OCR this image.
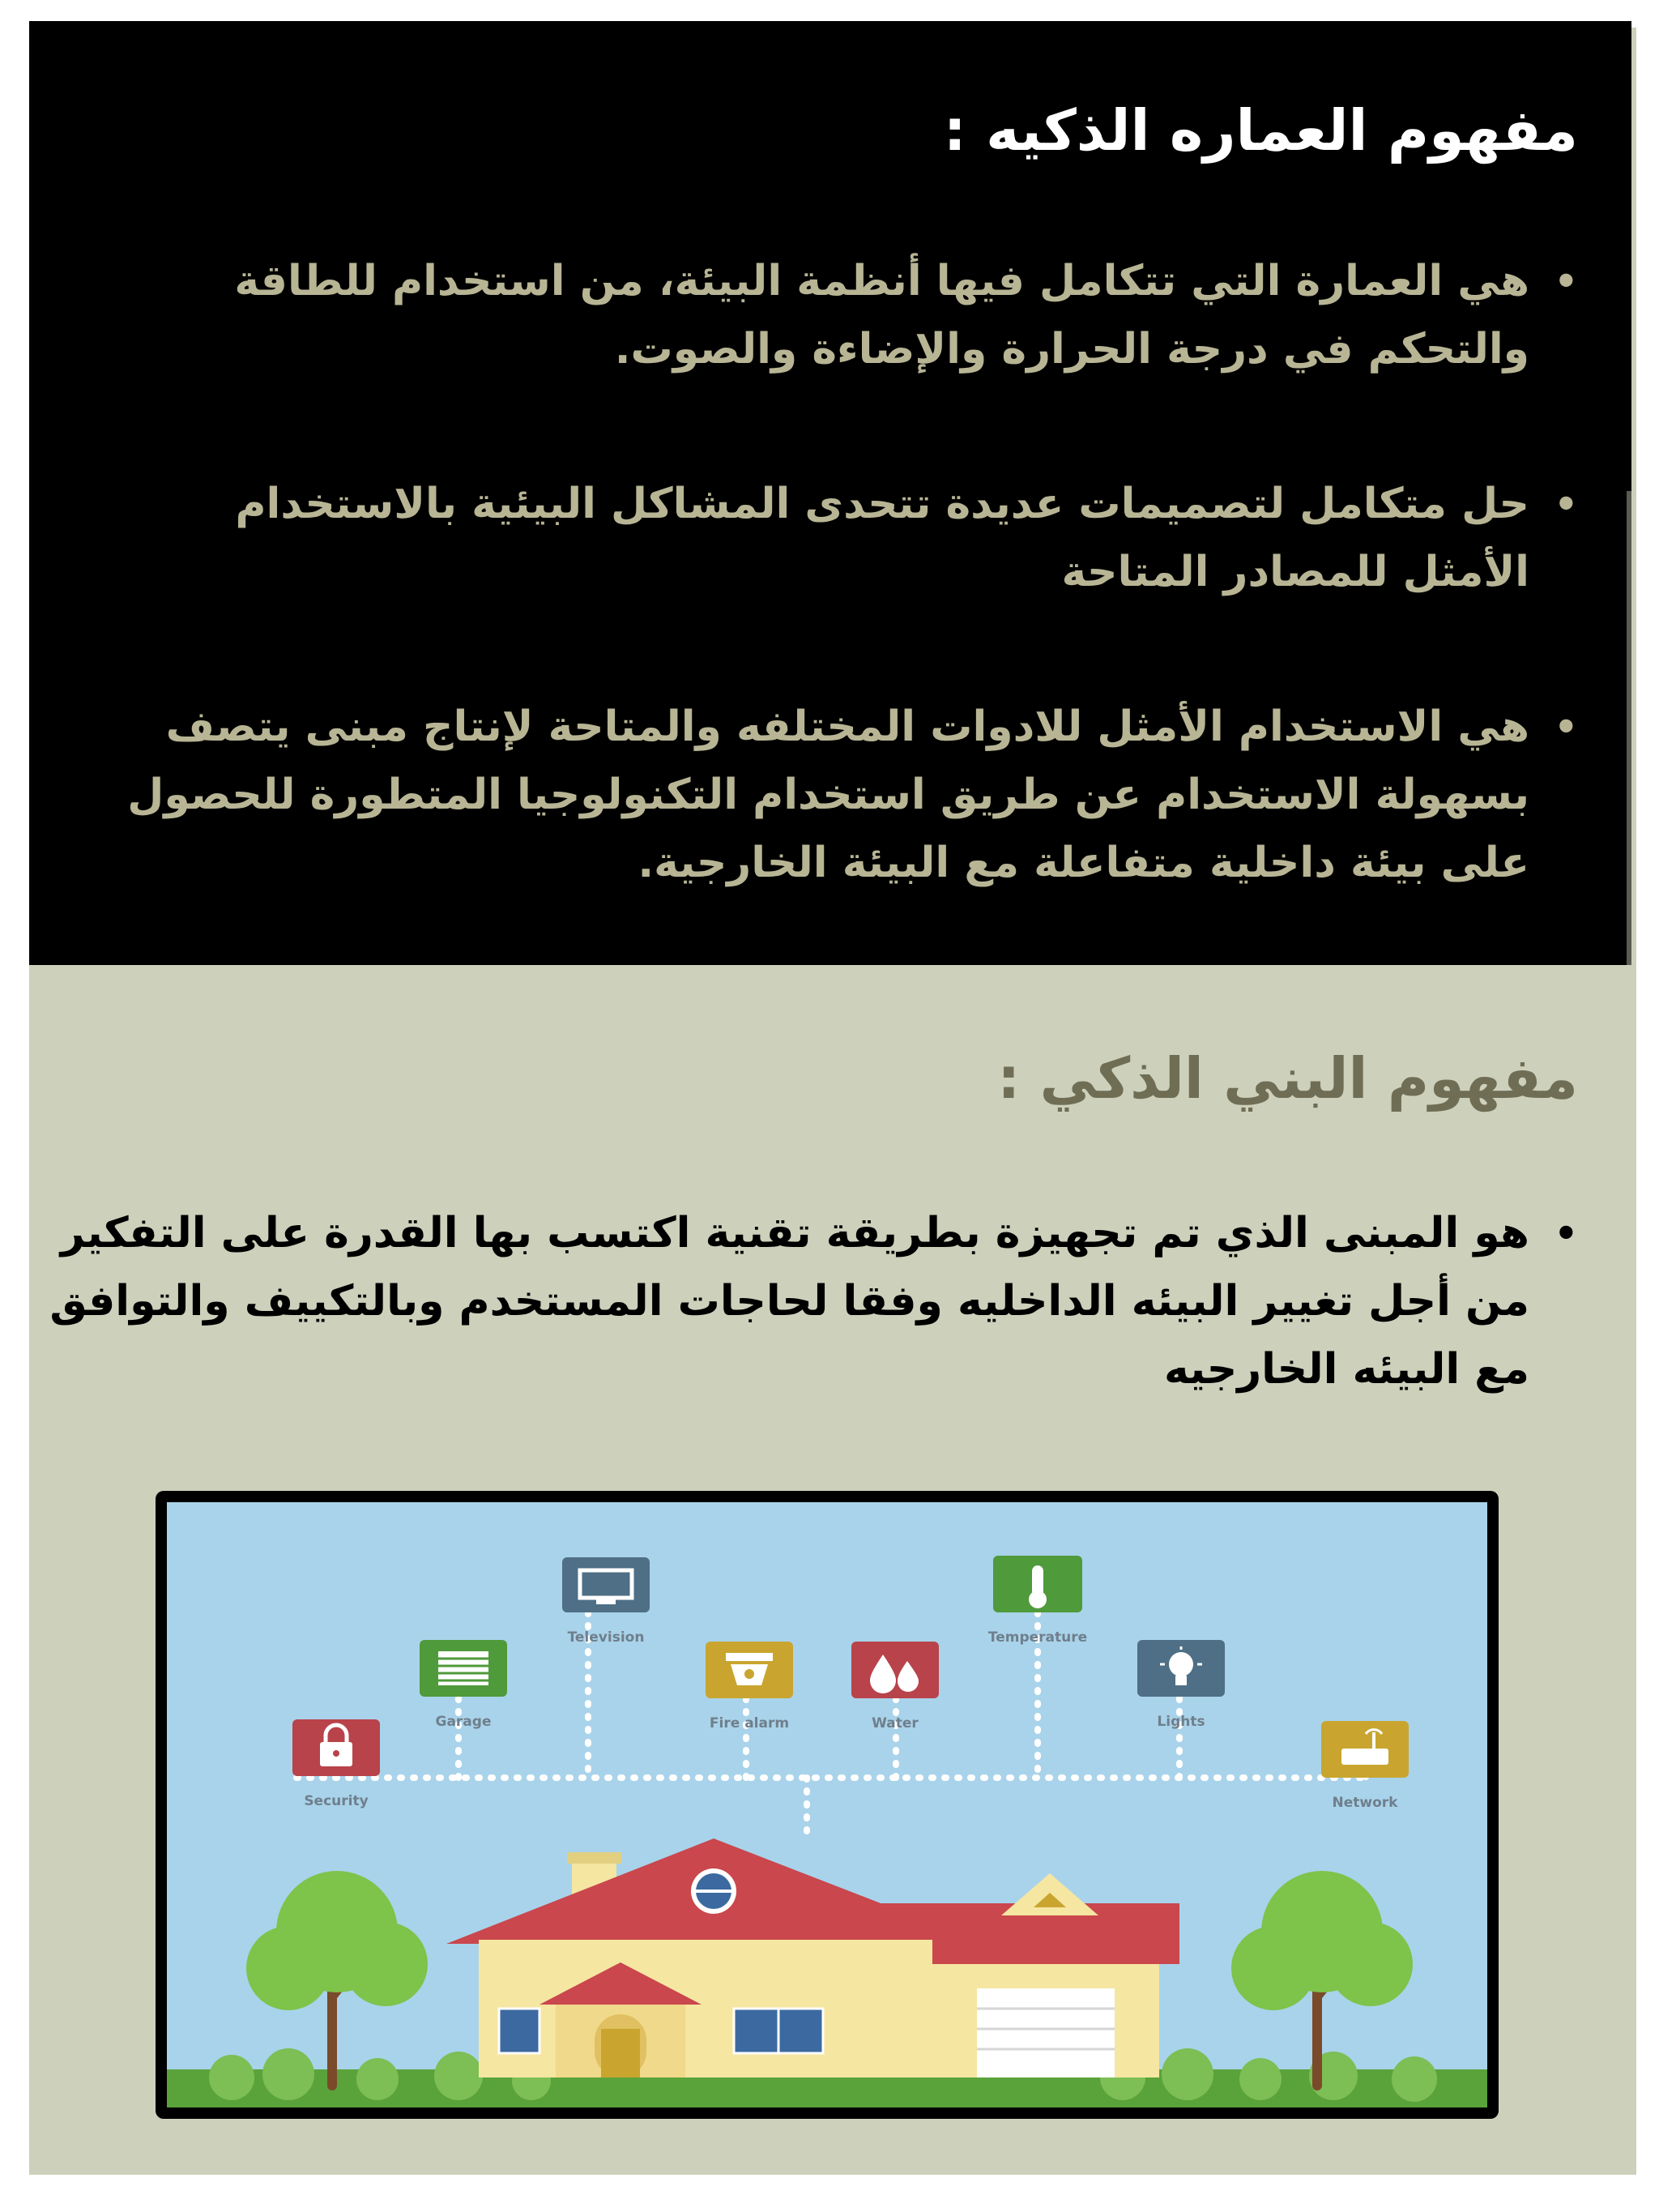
مفهوم العماره الذكيه :
• هي العمارة التي تتكامل فيها أنظمة البيئة، من استخدام للطاقة والتحكم في درجة الحرارة والإضاءة والصوت.
• حل متكامل لتصميمات عديدة تتحدى المشاكل البيئية بالاستخدام الأمثل للمصادر المتاحة
• هي الاستخدام الأمثل للادوات المختلفه والمتاحة لإنتاج مبنى يتصف بسهولة الاستخدام عن طريق استخدام التكنولوجيا المتطورة للحصول على بيئة داخلية متفاعلة مع البيئة الخارجية.
مفهوم البني الذكي :
• هو المبنى الذي تم تجهيزة بطريقة تقنية اكتسب بها القدرة على التفكير من أجل تغيير البيئه الداخليه وفقا لحاجات المستخدم وبالتكييف والتوافق مع البيئه الخارجيه
Television	Temperature
Garage	Fire alarm	Water	Lights
Security	Network
